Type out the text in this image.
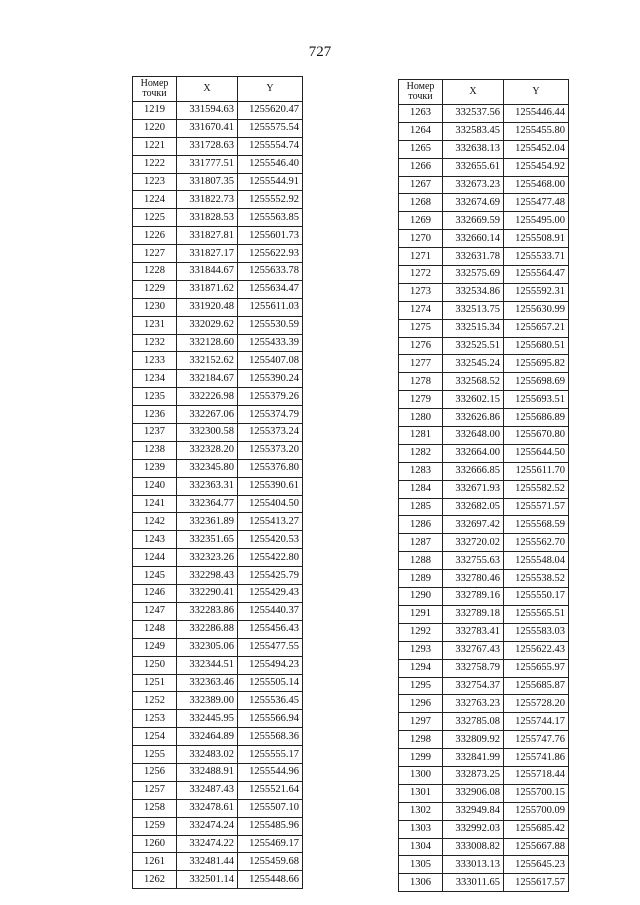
727
Номер
точки	X	Y
1219	331594.63	1255620.47
1220	331670.41	1255575.54
1221	331728.63	1255554.74
1222	331777.51	1255546.40
1223	331807.35	1255544.91
1224	331822.73	1255552.92
1225	331828.53	1255563.85
1226	331827.81	1255601.73
1227	331827.17	1255622.93
1228	331844.67	1255633.78
1229	331871.62	1255634.47
1230	331920.48	1255611.03
1231	332029.62	1255530.59
1232	332128.60	1255433.39
1233	332152.62	1255407.08
1234	332184.67	1255390.24
1235	332226.98	1255379.26
1236	332267.06	1255374.79
1237	332300.58	1255373.24
1238	332328.20	1255373.20
1239	332345.80	1255376.80
1240	332363.31	1255390.61
1241	332364.77	1255404.50
1242	332361.89	1255413.27
1243	332351.65	1255420.53
1244	332323.26	1255422.80
1245	332298.43	1255425.79
1246	332290.41	1255429.43
1247	332283.86	1255440.37
1248	332286.88	1255456.43
1249	332305.06	1255477.55
1250	332344.51	1255494.23
1251	332363.46	1255505.14
1252	332389.00	1255536.45
1253	332445.95	1255566.94
1254	332464.89	1255568.36
1255	332483.02	1255555.17
1256	332488.91	1255544.96
1257	332487.43	1255521.64
1258	332478.61	1255507.10
1259	332474.24	1255485.96
1260	332474.22	1255469.17
1261	332481.44	1255459.68
1262	332501.14	1255448.66
Номер
точки	X	Y
1263	332537.56	1255446.44
1264	332583.45	1255455.80
1265	332638.13	1255452.04
1266	332655.61	1255454.92
1267	332673.23	1255468.00
1268	332674.69	1255477.48
1269	332669.59	1255495.00
1270	332660.14	1255508.91
1271	332631.78	1255533.71
1272	332575.69	1255564.47
1273	332534.86	1255592.31
1274	332513.75	1255630.99
1275	332515.34	1255657.21
1276	332525.51	1255680.51
1277	332545.24	1255695.82
1278	332568.52	1255698.69
1279	332602.15	1255693.51
1280	332626.86	1255686.89
1281	332648.00	1255670.80
1282	332664.00	1255644.50
1283	332666.85	1255611.70
1284	332671.93	1255582.52
1285	332682.05	1255571.57
1286	332697.42	1255568.59
1287	332720.02	1255562.70
1288	332755.63	1255548.04
1289	332780.46	1255538.52
1290	332789.16	1255550.17
1291	332789.18	1255565.51
1292	332783.41	1255583.03
1293	332767.43	1255622.43
1294	332758.79	1255655.97
1295	332754.37	1255685.87
1296	332763.23	1255728.20
1297	332785.08	1255744.17
1298	332809.92	1255747.76
1299	332841.99	1255741.86
1300	332873.25	1255718.44
1301	332906.08	1255700.15
1302	332949.84	1255700.09
1303	332992.03	1255685.42
1304	333008.82	1255667.88
1305	333013.13	1255645.23
1306	333011.65	1255617.57
